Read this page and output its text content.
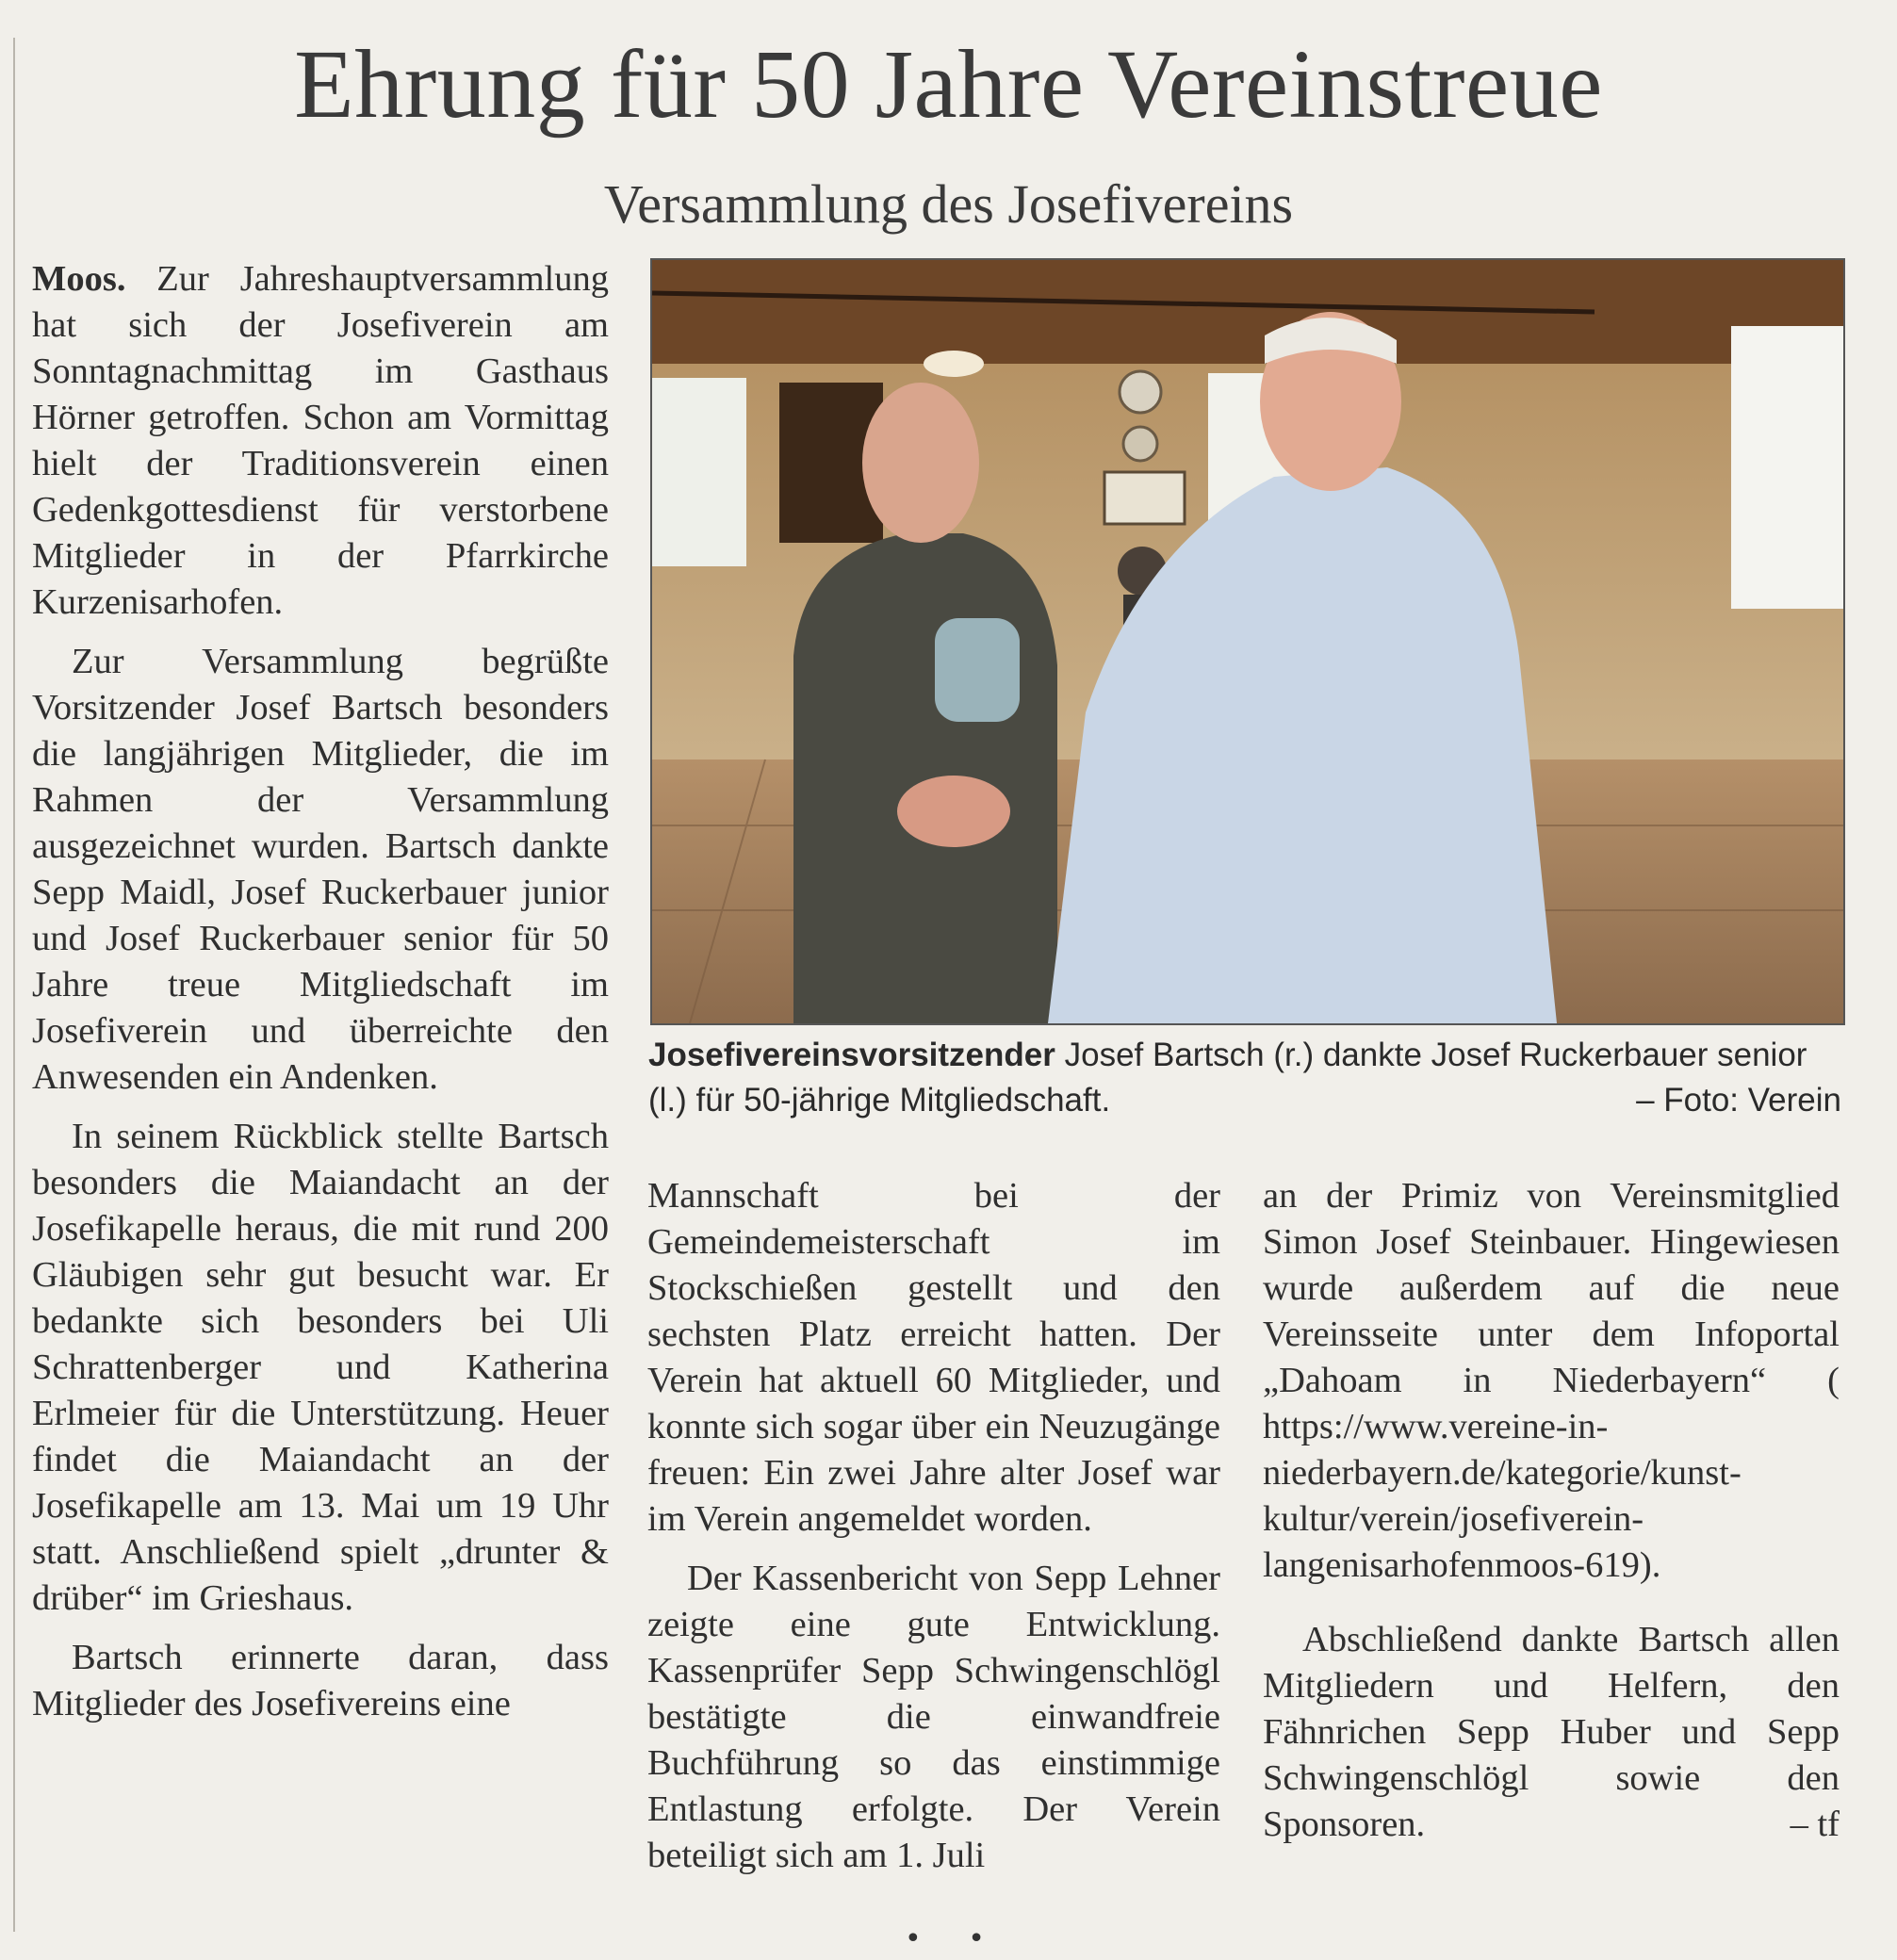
Ehrung für 50 Jahre Vereinstreue
Versammlung des Josefivereins

Moos. Zur Jahreshauptversammlung hat sich der Josefiverein am Sonntagnachmittag im Gasthaus Hörner getroffen. Schon am Vormittag hielt der Traditionsverein einen Gedenkgottesdienst für verstorbene Mitglieder in der Pfarrkirche Kurzenisarhofen.

Zur Versammlung begrüßte Vorsitzender Josef Bartsch besonders die langjährigen Mitglieder, die im Rahmen der Versammlung ausgezeichnet wurden. Bartsch dankte Sepp Maidl, Josef Ruckerbauer junior und Josef Ruckerbauer senior für 50 Jahre treue Mitgliedschaft im Josefiverein und überreichte den Anwesenden ein Andenken.

In seinem Rückblick stellte Bartsch besonders die Maiandacht an der Josefikapelle heraus, die mit rund 200 Gläubigen sehr gut besucht war. Er bedankte sich besonders bei Uli Schrattenberger und Katherina Erlmeier für die Unterstützung. Heuer findet die Maiandacht an der Josefikapelle am 13. Mai um 19 Uhr statt. Anschließend spielt „drunter & drüber“ im Grieshaus.

Bartsch erinnerte daran, dass Mitglieder des Josefivereins eine

Josefivereinsvorsitzender Josef Bartsch (r.) dankte Josef Ruckerbauer senior (l.) für 50-jährige Mitgliedschaft.	– Foto: Verein

Mannschaft bei der Gemeindemeisterschaft im Stockschießen gestellt und den sechsten Platz erreicht hatten. Der Verein hat aktuell 60 Mitglieder, und konnte sich sogar über ein Neuzugänge freuen: Ein zwei Jahre alter Josef war im Verein angemeldet worden.

Der Kassenbericht von Sepp Lehner zeigte eine gute Entwicklung. Kassenprüfer Sepp Schwingenschlögl bestätigte die einwandfreie Buchführung so das einstimmige Entlastung erfolgte. Der Verein beteiligt sich am 1. Juli

an der Primiz von Vereinsmitglied Simon Josef Steinbauer. Hingewiesen wurde außerdem auf die neue Vereinsseite unter dem Infoportal „Dahoam in Niederbayern“ ( https://www.vereine-in-niederbayern.de/kategorie/kunst-kultur/verein/josefiverein-langenisarhofenmoos-619).

Abschließend dankte Bartsch allen Mitgliedern und Helfern, den Fähnrichen Sepp Huber und Sepp Schwingenschlögl sowie den Sponsoren.	– tf

• •
